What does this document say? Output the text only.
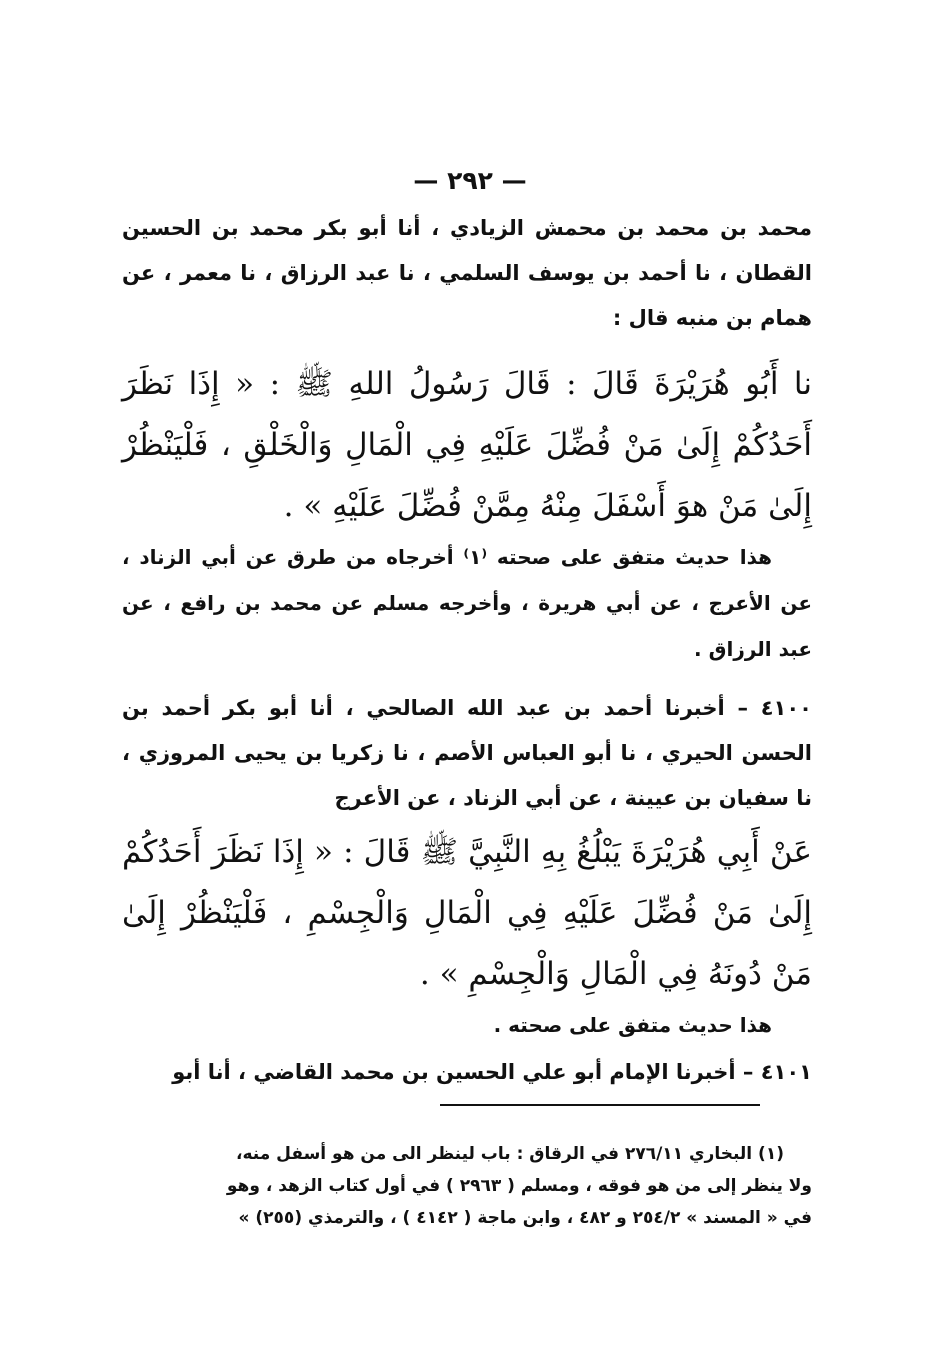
— ٢٩٢ —

محمد بن محمد بن محمش الزيادي ، أنا أبو بكر محمد بن الحسين القطان ، نا أحمد بن يوسف السلمي ، نا عبد الرزاق ، نا معمر ، عن همام بن منبه قال :

نا أَبُو هُرَيْرَةَ قَالَ : قَالَ رَسُولُ اللهِ ﷺ : « إِذَا نَظَرَ أَحَدُكُمْ إِلَىٰ مَنْ فُضِّلَ عَلَيْهِ فِي الْمَالِ وَالْخَلْقِ ، فَلْيَنْظُرْ إِلَىٰ مَنْ هوَ أَسْفَلَ مِنْهُ مِمَّنْ فُضِّلَ عَلَيْهِ » .

هذا حديث متفق على صحته ⁽١⁾ أخرجاه من طرق عن أبي الزناد ، عن الأعرج ، عن أبي هريرة ، وأخرجه مسلم عن محمد بن رافع ، عن عبد الرزاق .

٤١٠٠ – أخبرنا أحمد بن عبد الله الصالحي ، أنا أبو بكر أحمد بن الحسن الحيري ، نا أبو العباس الأصم ، نا زكريا بن يحيى المروزي ، نا سفيان بن عيينة ، عن أبي الزناد ، عن الأعرج

عَنْ أَبِي هُرَيْرَةَ يَبْلُغُ بِهِ النَّبِيَّ ﷺ قَالَ : « إِذَا نَظَرَ أَحَدُكُمْ إِلَىٰ مَنْ فُضِّلَ عَلَيْهِ فِي الْمَالِ وَالْجِسْمِ ، فَلْيَنْظُرْ إِلَىٰ مَنْ دُونَهُ فِي الْمَالِ وَالْجِسْمِ » .

هذا حديث متفق على صحته .

٤١٠١ – أخبرنا الإمام أبو علي الحسين بن محمد القاضي ، أنا أبو

(١) البخاري ٢٧٦/١١ في الرقاق : باب لينظر الى من هو أسفل منه،
ولا ينظر إلى من هو فوقه ، ومسلم ( ٢٩٦٣ ) في أول كتاب الزهد ، وهو
في « المسند » ٢٥٤/٢ و ٤٨٢ ، وابن ماجة ( ٤١٤٢ ) ، والترمذي (٢٥٥) »
